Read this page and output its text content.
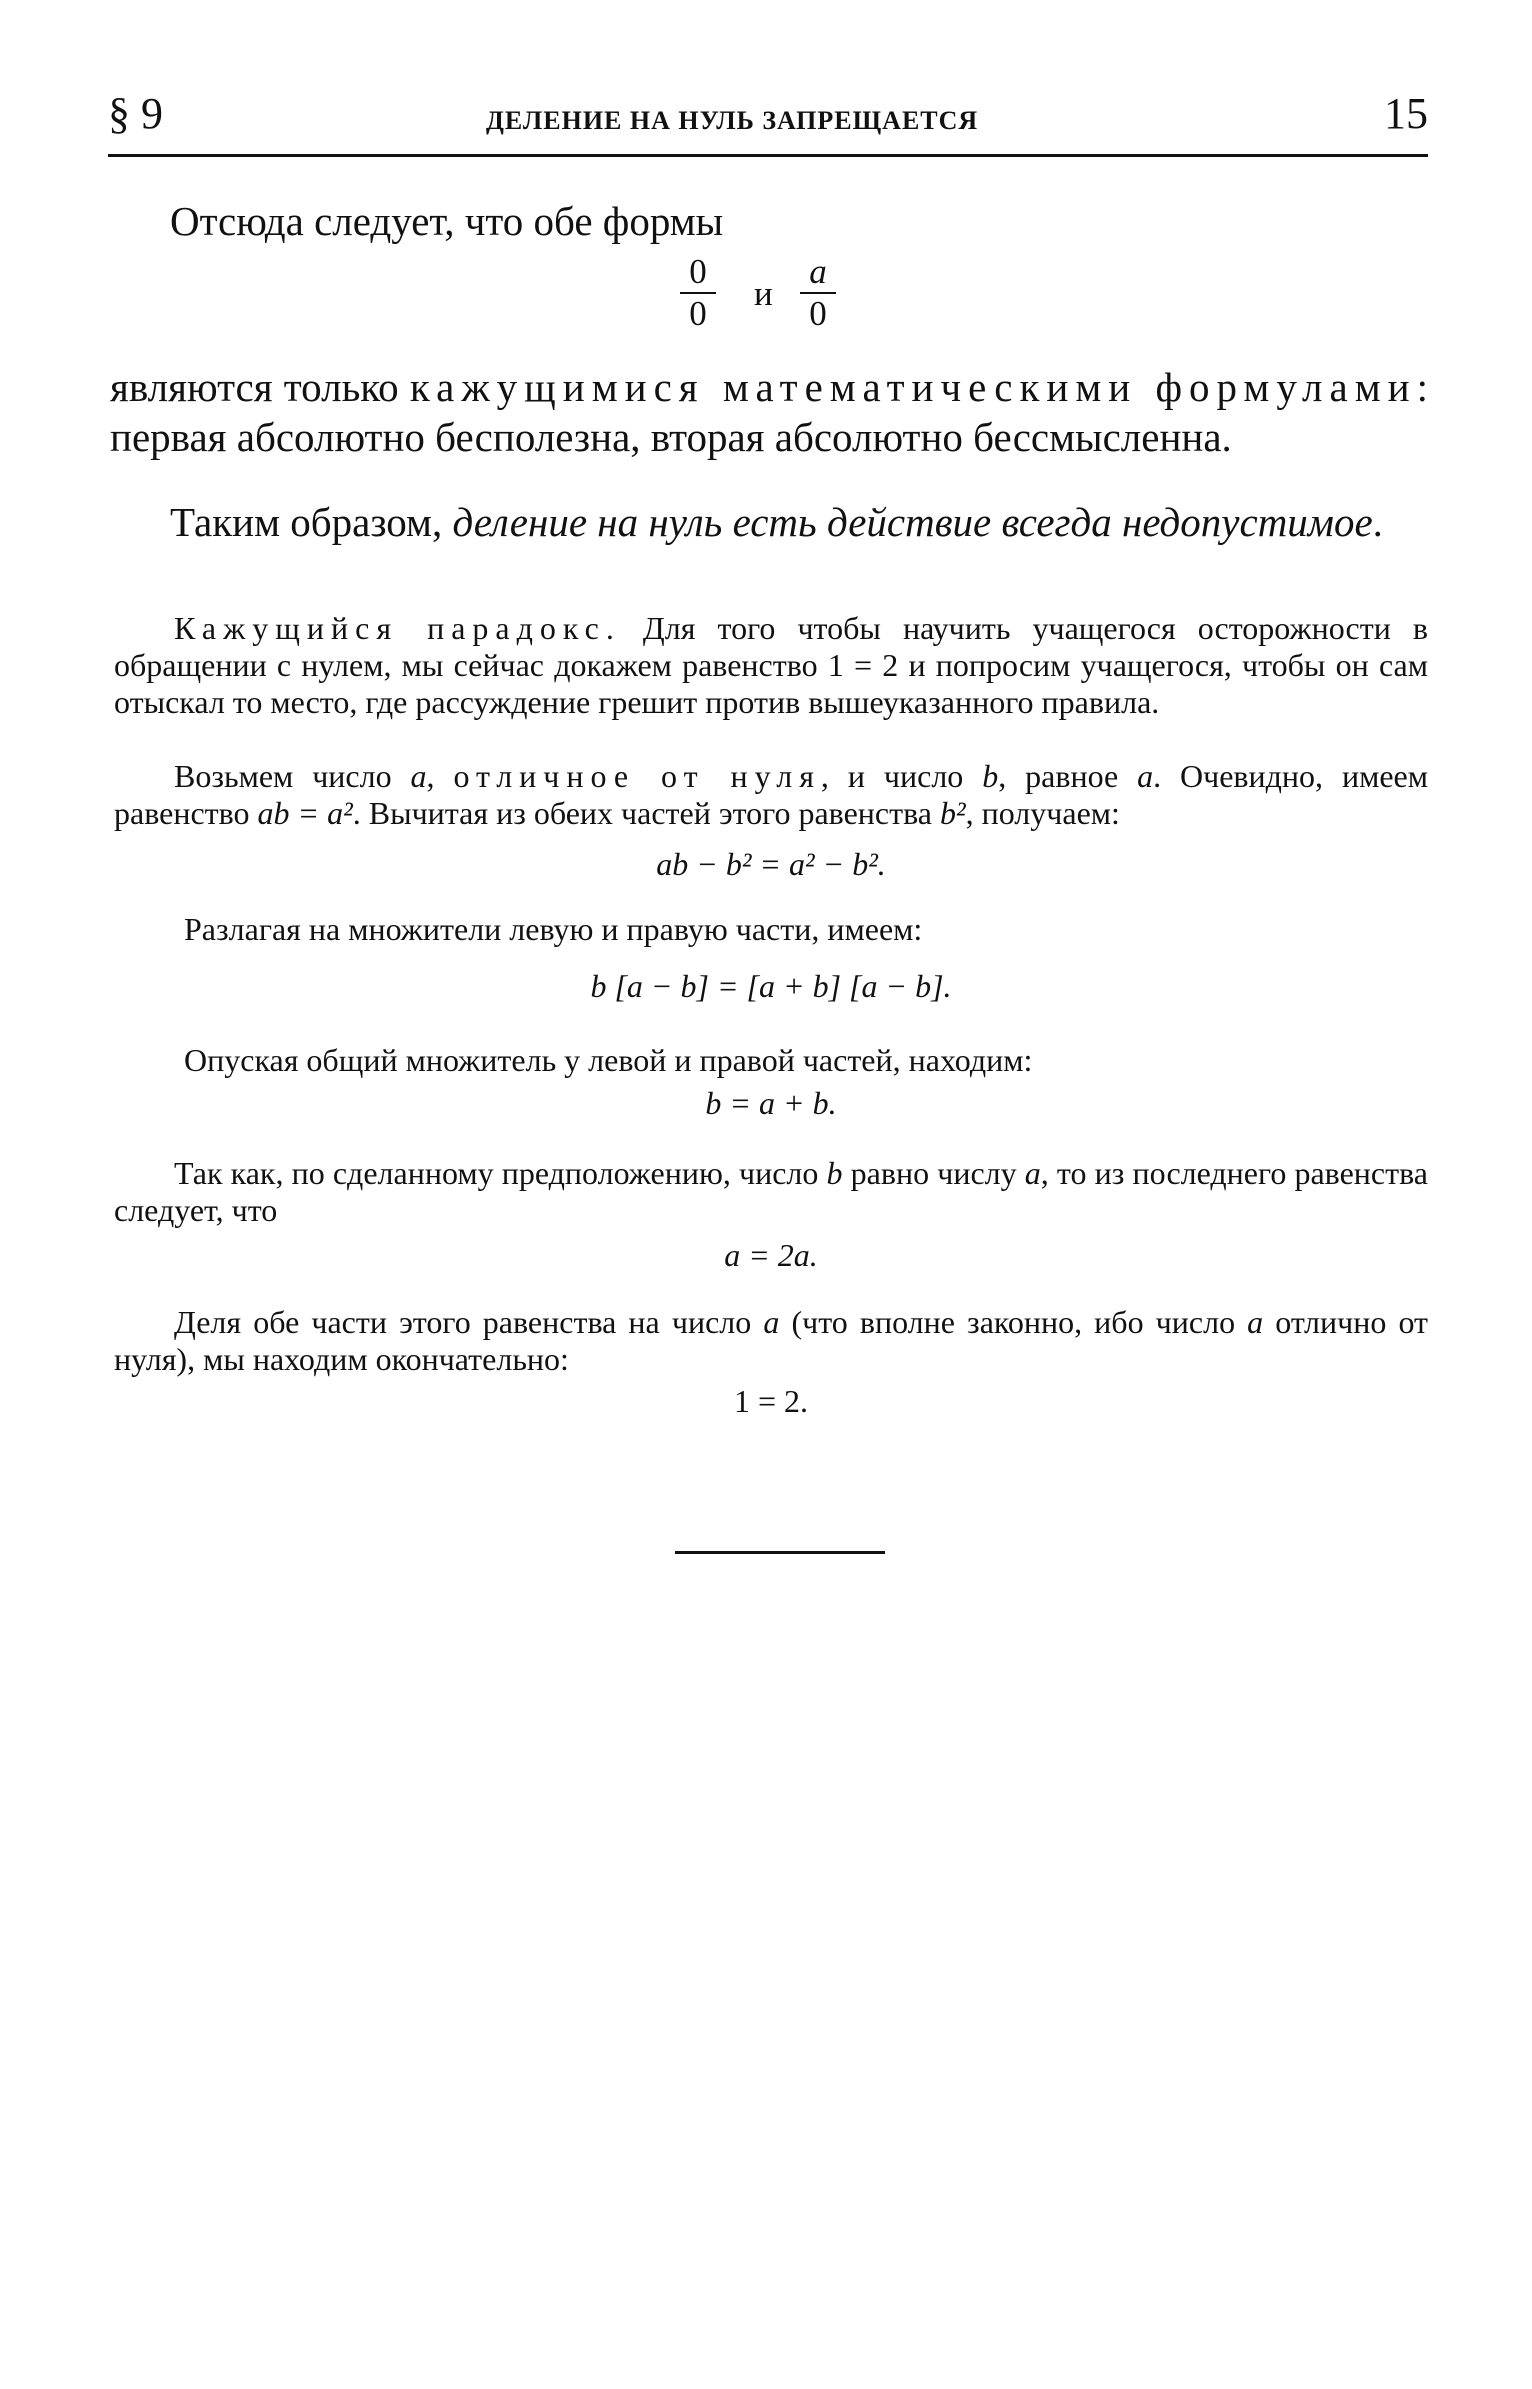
§ 9	ДЕЛЕНИЕ НА НУЛЬ ЗАПРЕЩАЕТСЯ	15
Отсюда следует, что обе формы
$\frac{0}{0}$ и $\frac{a}{0}$

являются только кажущимися математическими формулами: первая абсолютно бесполезна, вторая абсолютно бессмысленна.

Таким образом, деление на нуль есть действие всегда недопустимое.

Кажущийся парадокс. Для того чтобы научить учащегося осторожности в обращении с нулем, мы сейчас докажем равенство 1 = 2 и попросим учащегося, чтобы он сам отыскал то место, где рассуждение грешит против вышеуказанного правила.

Возьмем число a, отличное от нуля, и число b, равное a. Очевидно, имеем равенство ab = a². Вычитая из обеих частей этого равенства b², получаем:

ab − b² = a² − b².
Разлагая на множители левую и правую части, имеем:
b [a − b] = [a + b] [a − b].
Опуская общий множитель у левой и правой частей, находим:
b = a + b.

Так как, по сделанному предположению, число b равно числу a, то из последнего равенства следует, что

a = 2a.

Деля обе части этого равенства на число a (что вполне законно, ибо число a отлично от нуля), мы находим окончательно:

1 = 2.
